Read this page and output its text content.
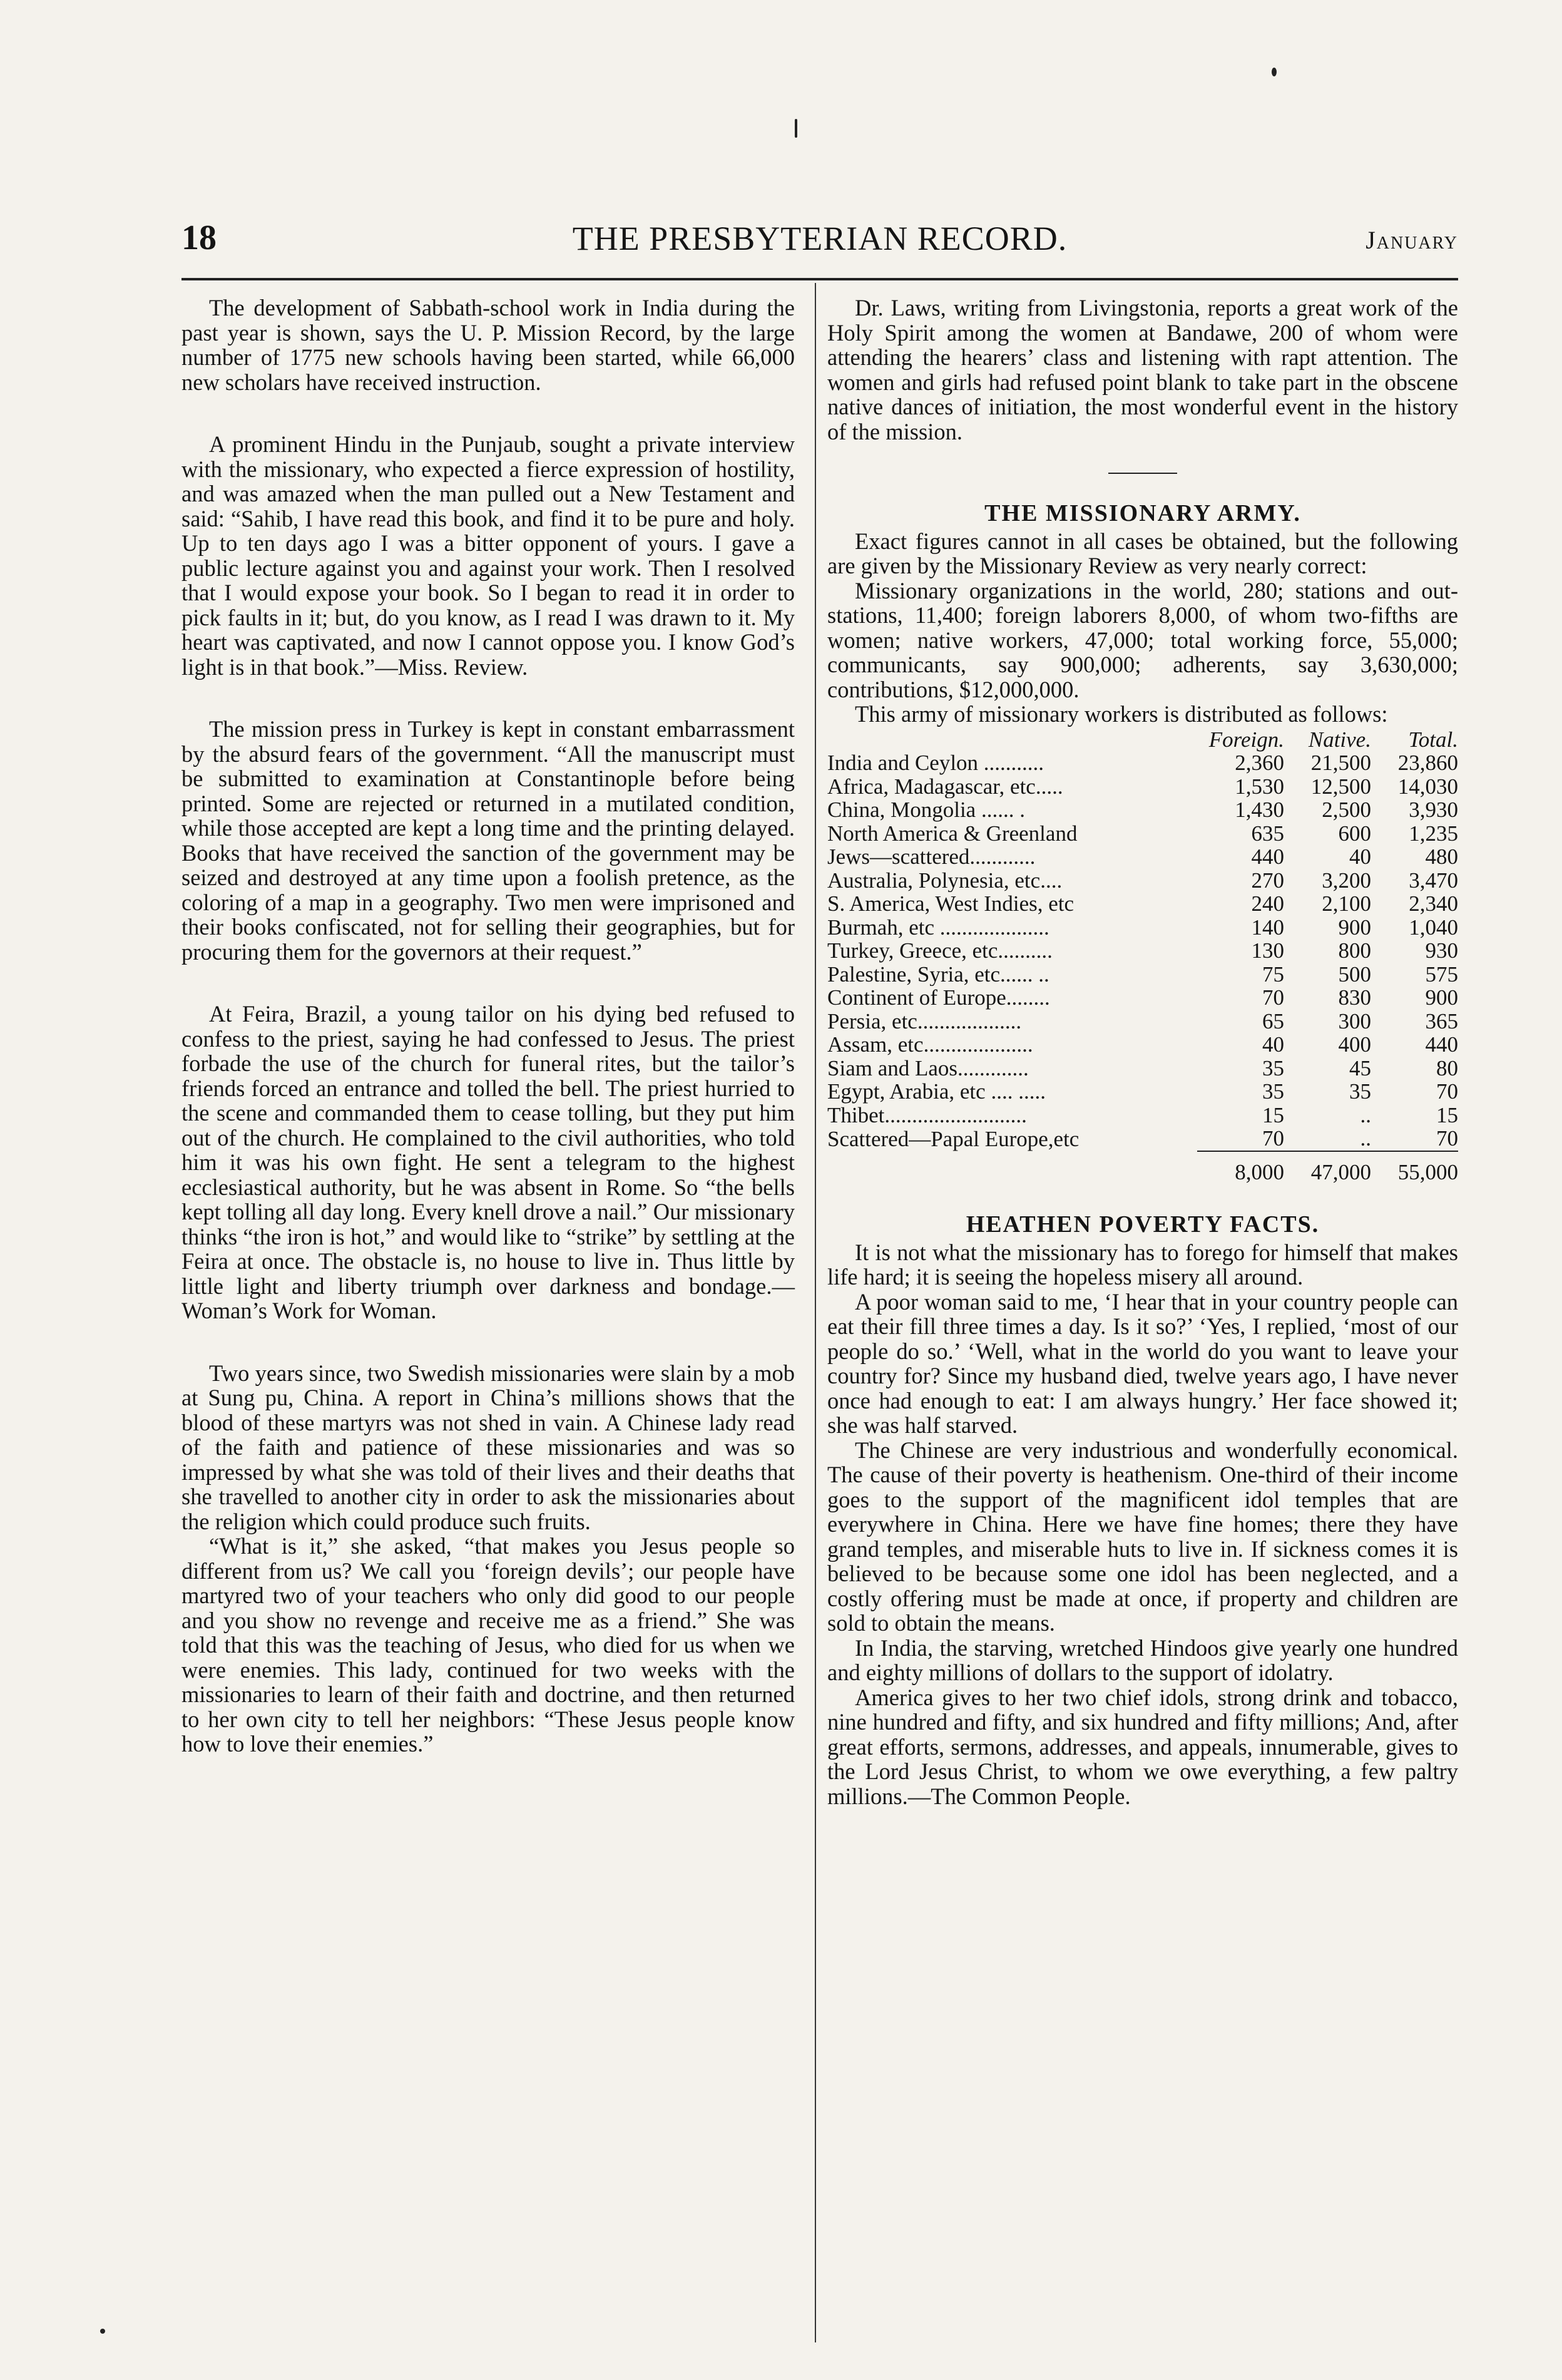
18	THE PRESBYTERIAN RECORD.	January

The development of Sabbath-school work in India during the past year is shown, says the U. P. Mission Record, by the large number of 1775 new schools having been started, while 66,000 new scholars have received instruction.

A prominent Hindu in the Punjaub, sought a private interview with the missionary, who expected a fierce expression of hostility, and was amazed when the man pulled out a New Testament and said: “Sahib, I have read this book, and find it to be pure and holy. Up to ten days ago I was a bitter opponent of yours. I gave a public lecture against you and against your work. Then I resolved that I would expose your book. So I began to read it in order to pick faults in it; but, do you know, as I read I was drawn to it. My heart was captivated, and now I cannot oppose you. I know God’s light is in that book.”—Miss. Review.

The mission press in Turkey is kept in constant embarrassment by the absurd fears of the government. “All the manuscript must be submitted to examination at Constantinople before being printed. Some are rejected or returned in a mutilated condition, while those accepted are kept a long time and the printing delayed. Books that have received the sanction of the government may be seized and destroyed at any time upon a foolish pretence, as the coloring of a map in a geography. Two men were imprisoned and their books confiscated, not for selling their geographies, but for procuring them for the governors at their request.”

At Feira, Brazil, a young tailor on his dying bed refused to confess to the priest, saying he had confessed to Jesus. The priest forbade the use of the church for funeral rites, but the tailor’s friends forced an entrance and tolled the bell. The priest hurried to the scene and commanded them to cease tolling, but they put him out of the church. He complained to the civil authorities, who told him it was his own fight. He sent a telegram to the highest ecclesiastical authority, but he was absent in Rome. So “the bells kept tolling all day long. Every knell drove a nail.” Our missionary thinks “the iron is hot,” and would like to “strike” by settling at the Feira at once. The obstacle is, no house to live in. Thus little by little light and liberty triumph over darkness and bondage.—Woman’s Work for Woman.

Two years since, two Swedish missionaries were slain by a mob at Sung pu, China. A report in China’s millions shows that the blood of these martyrs was not shed in vain. A Chinese lady read of the faith and patience of these missionaries and was so impressed by what she was told of their lives and their deaths that she travelled to another city in order to ask the missionaries about the religion which could produce such fruits.

“What is it,” she asked, “that makes you Jesus people so different from us? We call you ‘foreign devils’; our people have martyred two of your teachers who only did good to our people and you show no revenge and receive me as a friend.” She was told that this was the teaching of Jesus, who died for us when we were enemies. This lady, continued for two weeks with the missionaries to learn of their faith and doctrine, and then returned to her own city to tell her neighbors: “These Jesus people know how to love their enemies.”

Dr. Laws, writing from Livingstonia, reports a great work of the Holy Spirit among the women at Bandawe, 200 of whom were attending the hearers’ class and listening with rapt attention. The women and girls had refused point blank to take part in the obscene native dances of initiation, the most wonderful event in the history of the mission.

THE MISSIONARY ARMY.

Exact figures cannot in all cases be obtained, but the following are given by the Missionary Review as very nearly correct:

Missionary organizations in the world, 280; stations and out-stations, 11,400; foreign laborers 8,000, of whom two-fifths are women; native workers, 47,000; total working force, 55,000; communicants, say 900,000; adherents, say 3,630,000; contributions, $12,000,000.

This army of missionary workers is distributed as follows:

	Foreign.	Native.	Total.
India and Ceylon ...........	2,360	21,500	23,860
Africa, Madagascar, etc.....	1,530	12,500	14,030
China, Mongolia ...... .	1,430	2,500	3,930
North America & Greenland	635	600	1,235
Jews—scattered............	440	40	480
Australia, Polynesia, etc....	270	3,200	3,470
S. America, West Indies, etc	240	2,100	2,340
Burmah, etc ....................	140	900	1,040
Turkey, Greece, etc..........	130	800	930
Palestine, Syria, etc...... ..	75	500	575
Continent of Europe........	70	830	900
Persia, etc...................	65	300	365
Assam, etc....................	40	400	440
Siam and Laos.............	35	45	80
Egypt, Arabia, etc .... .....	35	35	70
Thibet..........................	15	..	15
Scattered—Papal Europe,etc	70	..	70
	8,000	47,000	55,000
HEATHEN POVERTY FACTS.

It is not what the missionary has to forego for himself that makes life hard; it is seeing the hopeless misery all around.

A poor woman said to me, ‘I hear that in your country people can eat their fill three times a day. Is it so?’ ‘Yes, I replied, ‘most of our people do so.’ ‘Well, what in the world do you want to leave your country for? Since my husband died, twelve years ago, I have never once had enough to eat: I am always hungry.’ Her face showed it; she was half starved.

The Chinese are very industrious and wonderfully economical. The cause of their poverty is heathenism. One-third of their income goes to the support of the magnificent idol temples that are everywhere in China. Here we have fine homes; there they have grand temples, and miserable huts to live in. If sickness comes it is believed to be because some one idol has been neglected, and a costly offering must be made at once, if property and children are sold to obtain the means.

In India, the starving, wretched Hindoos give yearly one hundred and eighty millions of dollars to the support of idolatry.

America gives to her two chief idols, strong drink and tobacco, nine hundred and fifty, and six hundred and fifty millions; And, after great efforts, sermons, addresses, and appeals, innumerable, gives to the Lord Jesus Christ, to whom we owe everything, a few paltry millions.—The Common People.
